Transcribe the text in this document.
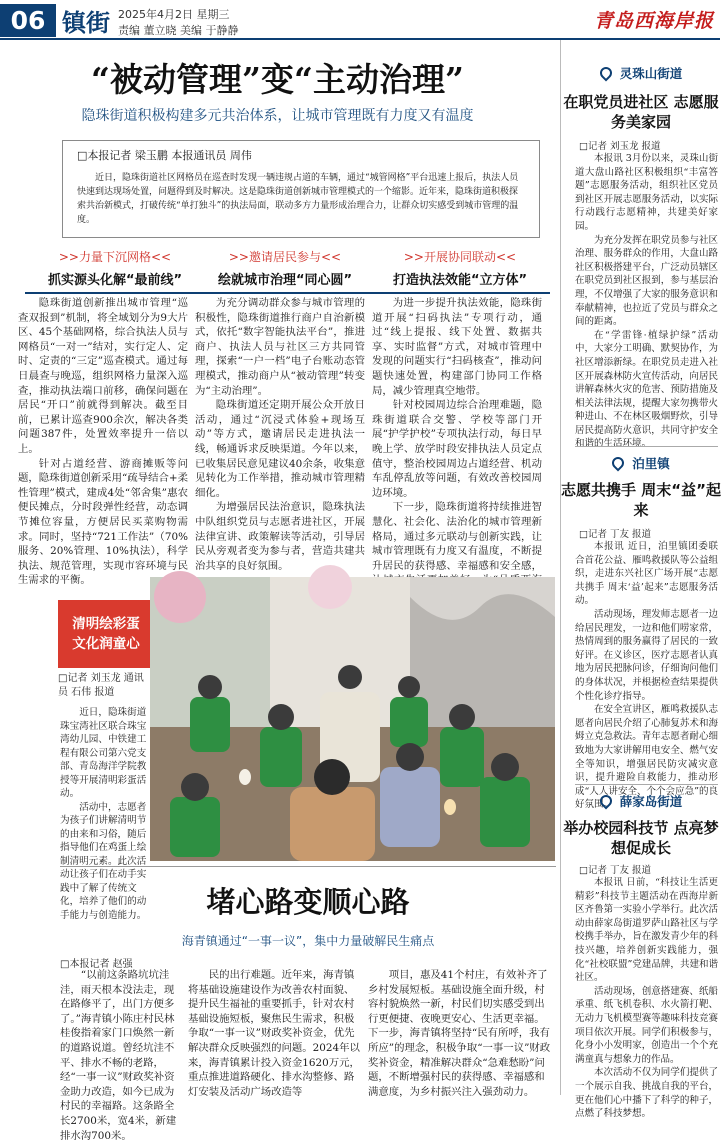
06 镇街 2025年4月2日 星期三
责编 董立晓 美编 于静静	青岛西海岸报
“被动管理”变“主动治理”
隐珠街道积极构建多元共治体系，让城市管理既有力度又有温度
□本报记者 梁玉鹏 本报通讯员 周伟
近日，隐珠街道社区网格员在巡查时发现一辆违规占道的车辆，通过“城管网格”平台迅速上报后，执法人员快速到达现场处置，问题得到及时解决。这是隐珠街道创新城市管理模式的一个缩影。近年来，隐珠街道积极探索共治新模式，打破传统“单打独斗”的执法局面，联动多方力量形成治理合力，让群众切实感受到城市管理的温度。
>>力量下沉网格<<
抓实源头化解“最前线”
>>邀请居民参与<<
绘就城市治理“同心圆”
>>开展协同联动<<
打造执法效能“立方体”

隐珠街道创新推出城市管理“巡查双报到”机制，将全域划分为9大片区、45个基础网格，综合执法人员与网格员“一对一”结对，实行定人、定时、定责的“三定”巡查模式。通过每日晨查与晚巡，组织网格力量深入巡查，推动执法端口前移，确保问题在居民“开口”前就得到解决。截至目前，已累计巡查900余次，解决各类问题387件，处置效率提升一倍以上。

针对占道经营、游商摊贩等问题，隐珠街道创新采用“疏导结合+柔性管理”模式，建成4处“邻舍集”惠农便民摊点，分时段弹性经营，动态调节摊位容量，方便居民买菜购物需求。同时，坚持“721工作法”（70%服务、20%管理、10%执法），科学执法、规范管理，实现市容环境与民生需求的平衡。

为充分调动群众参与城市管理的积极性，隐珠街道推行商户自治新模式，依托“数字智能执法平台”，推进商户、执法人员与社区三方共同管理，探索“一户一档”电子台账动态管理模式，推动商户从“被动管理”转变为“主动治理”。

隐珠街道还定期开展公众开放日活动，通过“沉浸式体验+现场互动”等方式，邀请居民走进执法一线，畅通诉求反映渠道。今年以来，已收集居民意见建议40余条，收集意见转化为工作举措，推动城市管理精细化。

为增强居民法治意识，隐珠执法中队组织党员与志愿者进社区，开展法律宣讲、政策解读等活动，引导居民从旁观者变为参与者，营造共建共治共享的良好氛围。

为进一步提升执法效能，隐珠街道开展“扫码执法”专项行动，通过“线上提报、线下处置、数据共享、实时监督”方式，对城市管理中发现的问题实行“扫码核查”，推动问题快速处置，构建部门协同工作格局，减少管理真空地带。

针对校园周边综合治理难题，隐珠街道联合交警、学校等部门开展“护学护校”专项执法行动，每日早晚上学、放学时段安排执法人员定点值守，整治校园周边占道经营、机动车乱停乱放等问题，有效改善校园周边环境。

下一步，隐珠街道将持续推进智慧化、社会化、法治化的城市管理新格局，通过多元联动与创新实践，让城市管理既有力度又有温度，不断提升居民的获得感、幸福感和安全感，

清明绘彩蛋
文化润童心
□记者 刘玉龙 通讯员 石伟 报道

近日，隐珠街道珠宝湾社区联合珠宝湾幼儿园、中铁建工程有限公司第六党支部、青岛海洋学院教授等开展清明彩蛋活动。

活动中，志愿者为孩子们讲解清明节的由来和习俗，随后指导他们在鸡蛋上绘制清明元素。此次活动让孩子们在动手实践中了解了传统文化，培养了他们的动手能力与创造能力。	堵心路变顺心路
海青镇通过“一事一议”，集中力量破解民生痛点
□本报记者 赵强

“以前这条路坑坑洼洼，雨天根本没法走，现在路修平了，出门方便多了。”海青镇小陈庄村民林桂俊指着家门口焕然一新的道路说道。曾经坑洼不平、排水不畅的老路，经“一事一议”财政奖补资金助力改造，如今已成为村民的幸福路。这条路全长2700米，宽4米，新建排水沟700米。

民的出行难题。近年来，海青镇将基础设施建设作为改善农村面貌、提升民生福祉的重要抓手，针对农村基础设施短板，聚焦民生需求，积极争取“一事一议”财政奖补资金，优先解决群众反映强烈的问题。2024年以来，海青镇累计投入资金1620万元，重点推进道路硬化、排水沟整修、路灯安装及活动广场改造等

项目，惠及41个村庄，有效补齐了乡村发展短板。基础设施全面升级，村容村貌焕然一新，村民们切实感受到出行更便捷、夜晚更安心、生活更幸福。下一步，海青镇将坚持“民有所呼，我有所应”的理念，积极争取“一事一议”财政奖补资金，精准解决群众“急难愁盼”问题，不断增强村民的获得感、幸福感和满意度，为乡村振兴注入强劲动力。

灵珠山街道
在职党员进社区 志愿服务美家园
□记者 刘玉龙 报道

本报讯 3月份以来，灵珠山街道大盘山路社区积极组织“丰富答题”志愿服务活动，组织社区党员到社区开展志愿服务活动，以实际行动践行志愿精神，共建美好家园。

为充分发挥在职党员参与社区治理、服务群众的作用，大盘山路社区积极搭建平台，广泛动员辖区在职党员到社区报到，参与基层治理，不仅增强了大家的服务意识和奉献精神，也拉近了党员与群众之间的距离。

在“学雷锋·植绿护绿”活动中，大家分工明确、默契协作，为社区增添新绿。在职党员走进入社区开展森林防火宣传活动，向居民讲解森林火灾的危害、预防措施及相关法律法规，提醒大家勿携带火种进山、不在林区吸烟野炊，引导居民提高防火意识，共同守护安全和谐的生活环境。

泊里镇
志愿共携手 周末“益”起来
□记者 丁友 报道

本报讯 近日，泊里镇团委联合首花公益、雁鸣救援队等公益组织，走进东兴社区广场开展“志愿共携手 周末‘益’起来”志愿服务活动。

活动现场，理发师志愿者一边给居民理发，一边和他们唠家常，热情周到的服务赢得了居民的一致好评。在义诊区，医疗志愿者认真地为居民把脉问诊，仔细询问他们的身体状况，并根据检查结果提供个性化诊疗指导。

在安全宣讲区，雁鸣救援队志愿者向居民介绍了心肺复苏术和海姆立克急救法。青年志愿者耐心细致地为大家讲解用电安全、燃气安全等知识，增强居民防灾减灾意识，提升避险自救能力，推动形成“人人讲安全、个个会应急”的良好氛围。 薛家岛街道
举办校园科技节 点亮梦想促成长
□记者 丁友 报道

本报讯 日前，“科技让生活更精彩”科技节主题活动在西海岸新区齐鲁第一实验小学举行。此次活动由薛家岛街道罗萨山路社区与学校携手举办，旨在激发青少年的科技兴趣，培养创新实践能力，强化“社校联盟”党建品牌，共建和谐社区。

活动现场，创意搭建赛、纸船承重、纸飞机卷积、水火箭打靶、无动力飞机模型赛等趣味科技竞赛项目依次开展。同学们积极参与，化身小小发明家，创造出一个个充满童真与想象力的作品。

本次活动不仅为同学们提供了一个展示自我、挑战自我的平台，更在他们心中播下了科学的种子，点燃了科技梦想。
